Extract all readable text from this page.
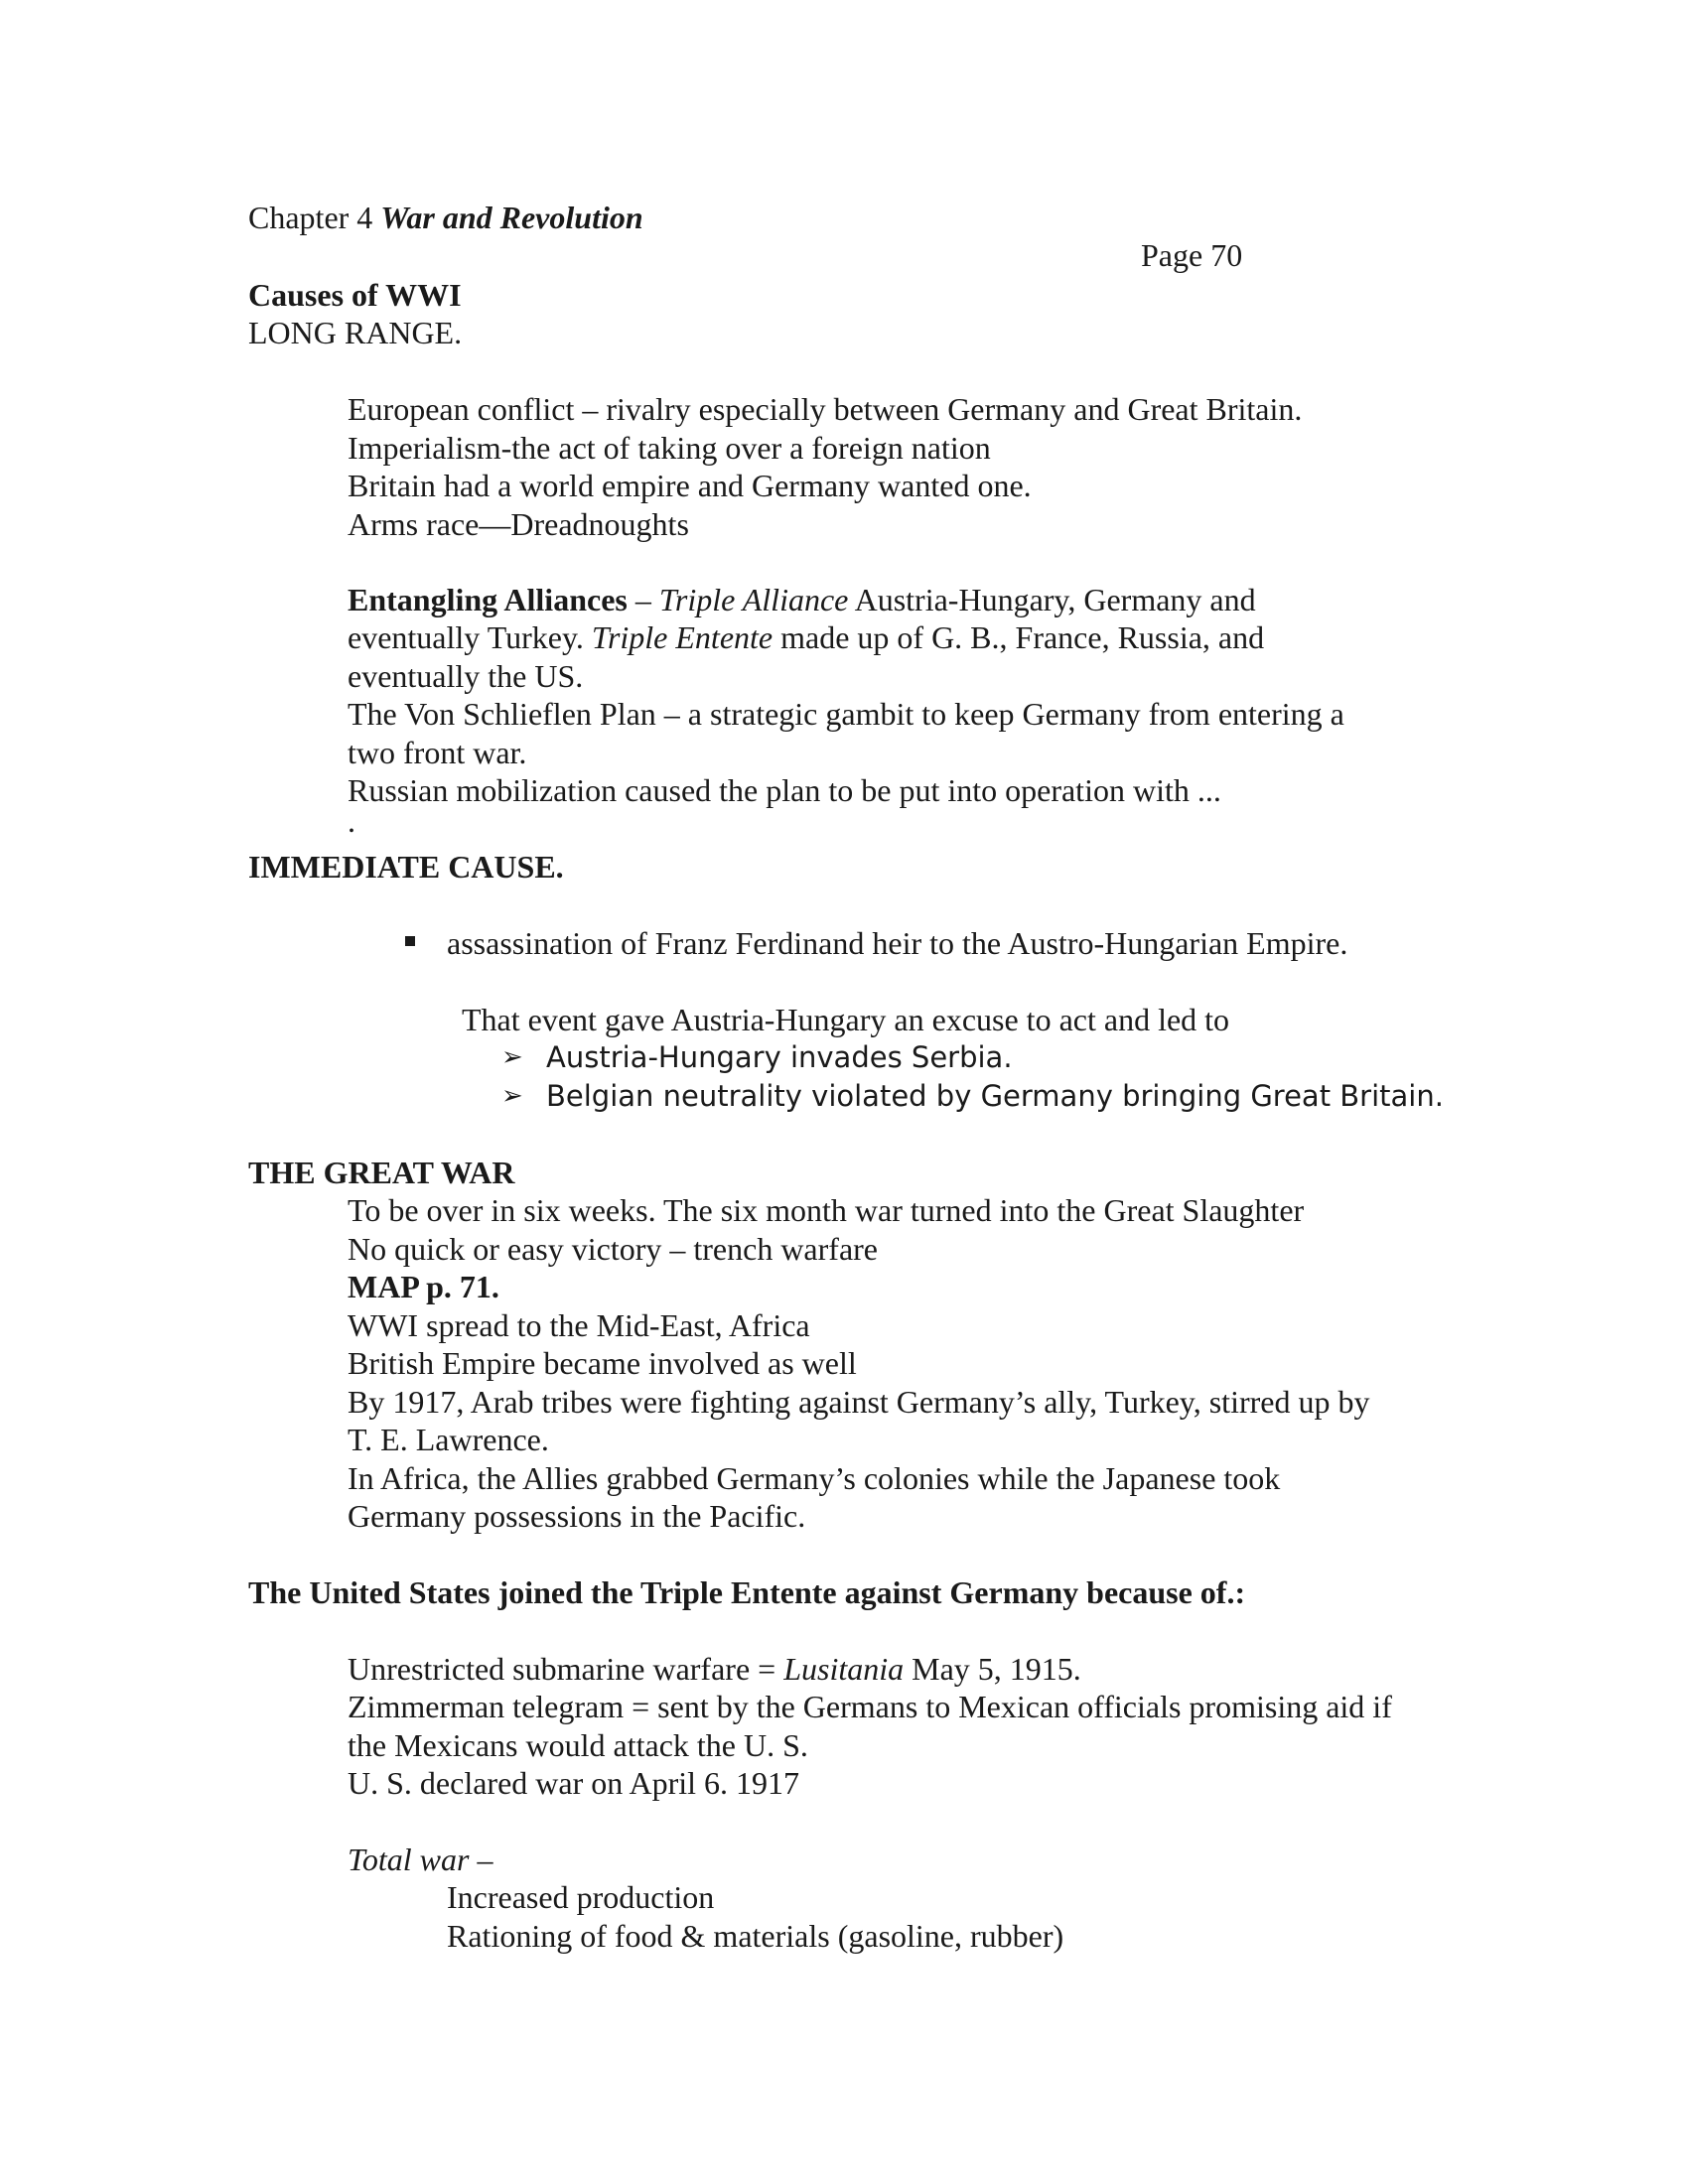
Chapter 4 War and Revolution
Page 70
Causes of WWI
LONG RANGE.
European conflict – rivalry especially between Germany and Great Britain.
Imperialism-the act of taking over a foreign nation
Britain had a world empire and Germany wanted one.
Arms race—Dreadnoughts
Entangling Alliances – Triple Alliance Austria-Hungary, Germany and
eventually Turkey. Triple Entente made up of G. B., France, Russia, and
eventually the US.
The Von Schlieflen Plan – a strategic gambit to keep Germany from entering a
two front war.
Russian mobilization caused the plan to be put into operation with ...
.
IMMEDIATE CAUSE.
assassination of Franz Ferdinand heir to the Austro-Hungarian Empire.
That event gave Austria-Hungary an excuse to act and led to
➢ Austria-Hungary invades Serbia.
➢ Belgian neutrality violated by Germany bringing Great Britain.
THE GREAT WAR
To be over in six weeks. The six month war turned into the Great Slaughter
No quick or easy victory – trench warfare
MAP p. 71.
WWI spread to the Mid-East, Africa
British Empire became involved as well
By 1917, Arab tribes were fighting against Germany’s ally, Turkey, stirred up by
T. E. Lawrence.
In Africa, the Allies grabbed Germany’s colonies while the Japanese took
Germany possessions in the Pacific.
The United States joined the Triple Entente against Germany because of.:
Unrestricted submarine warfare = Lusitania May 5, 1915.
Zimmerman telegram = sent by the Germans to Mexican officials promising aid if
the Mexicans would attack the U. S.
U. S. declared war on April 6. 1917
Total war –
Increased production
Rationing of food & materials (gasoline, rubber)
